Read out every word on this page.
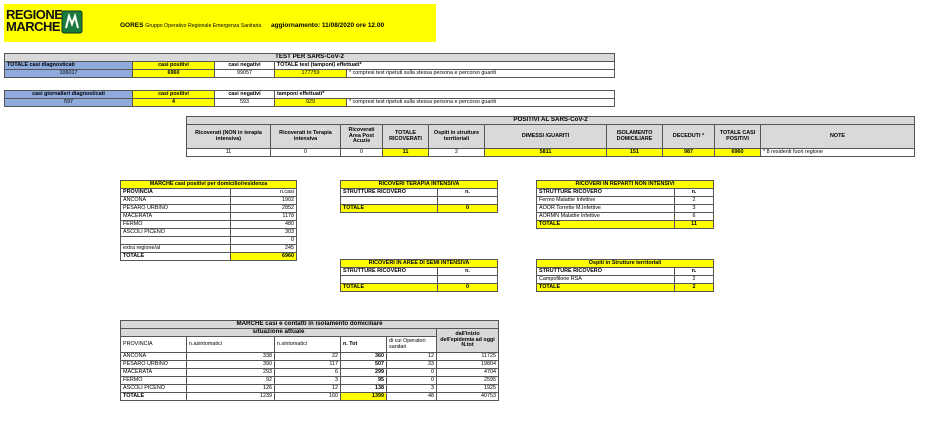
REGIONE
MARCHE	GORES Gruppo Operativo Regionale Emergenza Sanitaria aggiornamento: 11/08/2020 ore 12.00
TEST PER SARS-CoV-2				
TOTALE casi diagnosticati	casi positivi	casi negativi	TOTALE test (tamponi) effettuati*	
106017	6960	99057	177759	* compresi test ripetuti sulla stessa persona e percorso guariti
casi giornalieri diagnosticati	casi positivi	casi negativi	tamponi effettuati*	
597	4	593	929	* compresi test ripetuti sulla stessa persona e percorso guariti
POSITIVI AL SARS-CoV-2									
Ricoverati (NON in terapia intensiva)	Ricoverati in Terapia intensiva	Ricoverati Area Post Acuzie	TOTALE RICOVERATI	Ospiti in strutture territoriali	DIMESSI /GUARITI	ISOLAMENTO DOMICILIARE	DECEDUTI *	TOTALE CASI POSITIVI	NOTE
11	0	0	11	2	5811	151	987	6960	* 8 residenti fuori regione
MARCHE casi positivi per domicilio/residenza	
PROVINCIA	n.casi
ANCONA	1902
PESARO URBINO	2852
MACERATA	1178
FERMO	480
ASCOLI PICENO	303
	0
extra regione/al	245
TOTALE	6960
RICOVERI TERAPIA INTENSIVA	
STRUTTURE RICOVERO	n.

TOTALE	0
RICOVERI IN AREE DI SEMI INTENSIVA	
STRUTTURE RICOVERO	n.

TOTALE	0
RICOVERI IN REPARTI NON INTENSIVI	
STRUTTURE RICOVERO	n.
Fermo Malattie Infettive	2
AOOR Torrette M.Infettive	3
AORMN Malattie Infettive	6
TOTALE	11
Ospiti in Strutture territoriali	
STRUTTURE RICOVERO	n.
Campofilone RSA	2
TOTALE	2
MARCHE casi e contatti in isolamento domiciliare					
situazione attuale					dall'inizio dell'epidemia ad oggi N.tot
PROVINCIA	n.asintomatici	n.sintomatici	n. Tot	di cui Operatori sanitari	
ANCONA	338	22	360	12	11725
PESARO URBINO	390	117	507	33	19804
MACERATA	293	6	299	0	4704
FERMO	92	3	95	0	2595
ASCOLI PICENO	126	12	138	3	1925
TOTALE	1239	160	1399	48	40753
